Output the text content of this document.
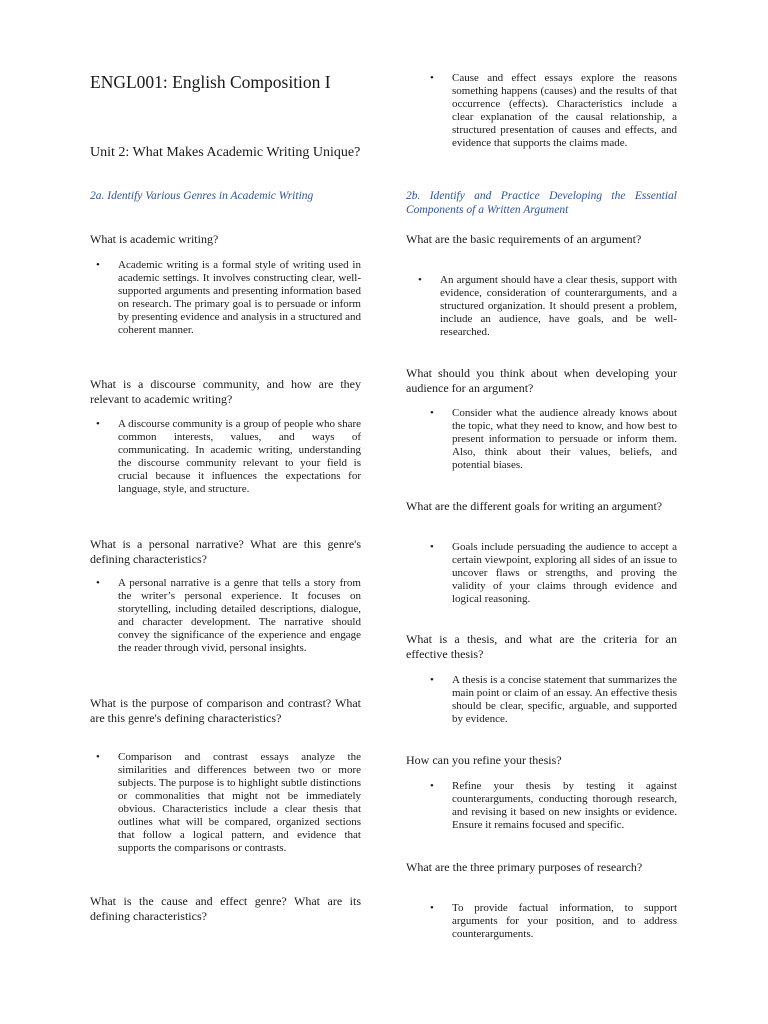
ENGL001: English Composition I
Unit 2: What Makes Academic Writing Unique?

2a. Identify Various Genres in Academic Writing

What is academic writing?

• Academic writing is a formal style of writing used in academic settings. It involves constructing clear, well-supported arguments and presenting information based on research. The primary goal is to persuade or inform by presenting evidence and analysis in a structured and coherent manner.

What is a discourse community, and how are they relevant to academic writing?

• A discourse community is a group of people who share common interests, values, and ways of communicating. In academic writing, understanding the discourse community relevant to your field is crucial because it influences the expectations for language, style, and structure.

What is a personal narrative? What are this genre's defining characteristics?

• A personal narrative is a genre that tells a story from the writer’s personal experience. It focuses on storytelling, including detailed descriptions, dialogue, and character development. The narrative should convey the significance of the experience and engage the reader through vivid, personal insights.

What is the purpose of comparison and contrast? What are this genre's defining characteristics?

• Comparison and contrast essays analyze the similarities and differences between two or more subjects. The purpose is to highlight subtle distinctions or commonalities that might not be immediately obvious. Characteristics include a clear thesis that outlines what will be compared, organized sections that follow a logical pattern, and evidence that supports the comparisons or contrasts.

What is the cause and effect genre? What are its defining characteristics?

• Cause and effect essays explore the reasons something happens (causes) and the results of that occurrence (effects). Characteristics include a clear explanation of the causal relationship, a structured presentation of causes and effects, and evidence that supports the claims made.

2b. Identify and Practice Developing the Essential Components of a Written Argument

What are the basic requirements of an argument?

• An argument should have a clear thesis, support with evidence, consideration of counterarguments, and a structured organization. It should present a problem, include an audience, have goals, and be well-researched.

What should you think about when developing your audience for an argument?

• Consider what the audience already knows about the topic, what they need to know, and how best to present information to persuade or inform them. Also, think about their values, beliefs, and potential biases.

What are the different goals for writing an argument?

• Goals include persuading the audience to accept a certain viewpoint, exploring all sides of an issue to uncover flaws or strengths, and proving the validity of your claims through evidence and logical reasoning.

What is a thesis, and what are the criteria for an effective thesis?

• A thesis is a concise statement that summarizes the main point or claim of an essay. An effective thesis should be clear, specific, arguable, and supported by evidence.

How can you refine your thesis?

• Refine your thesis by testing it against counterarguments, conducting thorough research, and revising it based on new insights or evidence. Ensure it remains focused and specific.

What are the three primary purposes of research?

• To provide factual information, to support arguments for your position, and to address counterarguments.
